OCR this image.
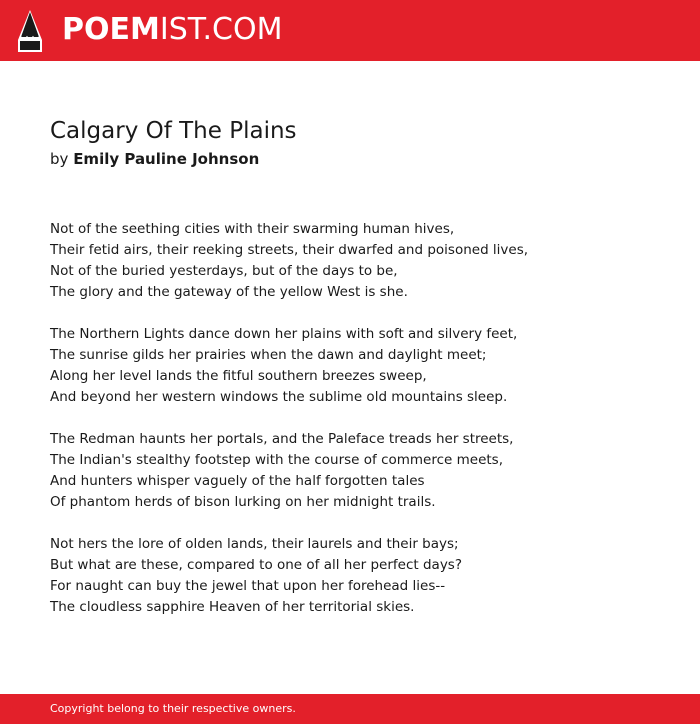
POEMIST.COM
Calgary Of The Plains
by Emily Pauline Johnson
Not of the seething cities with their swarming human hives,
Their fetid airs, their reeking streets, their dwarfed and poisoned lives,
Not of the buried yesterdays, but of the days to be,
The glory and the gateway of the yellow West is she.
The Northern Lights dance down her plains with soft and silvery feet,
The sunrise gilds her prairies when the dawn and daylight meet;
Along her level lands the fitful southern breezes sweep,
And beyond her western windows the sublime old mountains sleep.
The Redman haunts her portals, and the Paleface treads her streets,
The Indian's stealthy footstep with the course of commerce meets,
And hunters whisper vaguely of the half forgotten tales
Of phantom herds of bison lurking on her midnight trails.
Not hers the lore of olden lands, their laurels and their bays;
But what are these, compared to one of all her perfect days?
For naught can buy the jewel that upon her forehead lies--
The cloudless sapphire Heaven of her territorial skies.
Copyright belong to their respective owners.
